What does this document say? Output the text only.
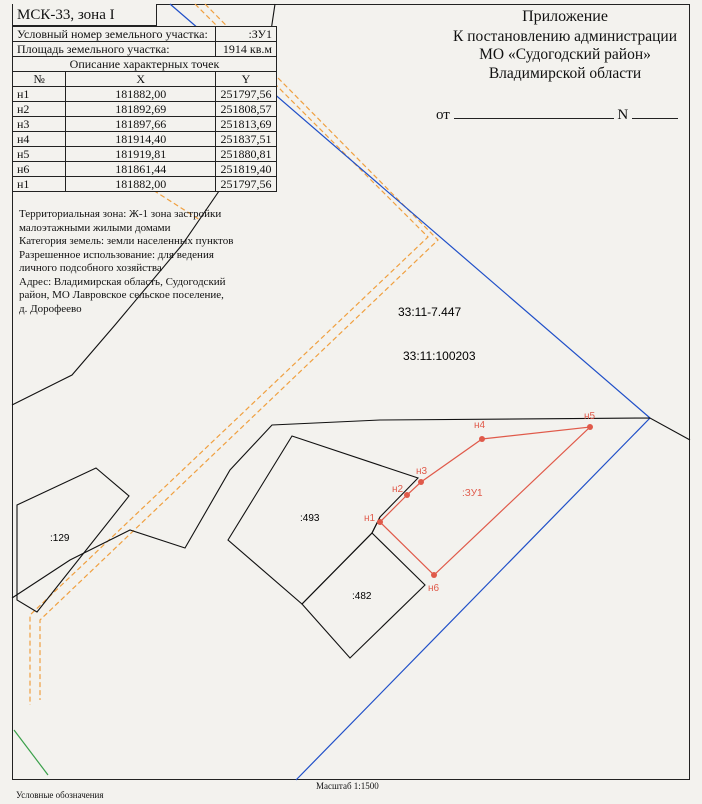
33:11-7.447
33:11:100203
:129
:493
:482
:ЗУ1
н1
н2
н3
н4
н5
н6
МСК-33, зона I
Условный номер земельного участка:		:ЗУ1
Площадь земельного участка:		1914 кв.м
Описание характерных точек		
№	X	Y
н1	181882,00	251797,56
н2	181892,69	251808,57
н3	181897,66	251813,69
н4	181914,40	251837,51
н5	181919,81	251880,81
н6	181861,44	251819,40
н1	181882,00	251797,56
Территориальная зона: Ж-1 зона застройки
малоэтажными жилыми домами
Категория земель: земли населенных пунктов
Разрешенное использование: для ведения
личного подсобного хозяйства
Адрес: Владимирская область, Судогодский
район, МО Лавровское сельское поселение,
д. Дорофеево
Приложение
К постановлению администрации
МО «Судогодский район»
Владимирской области
от	N
Масштаб 1:1500
Условные обозначения
